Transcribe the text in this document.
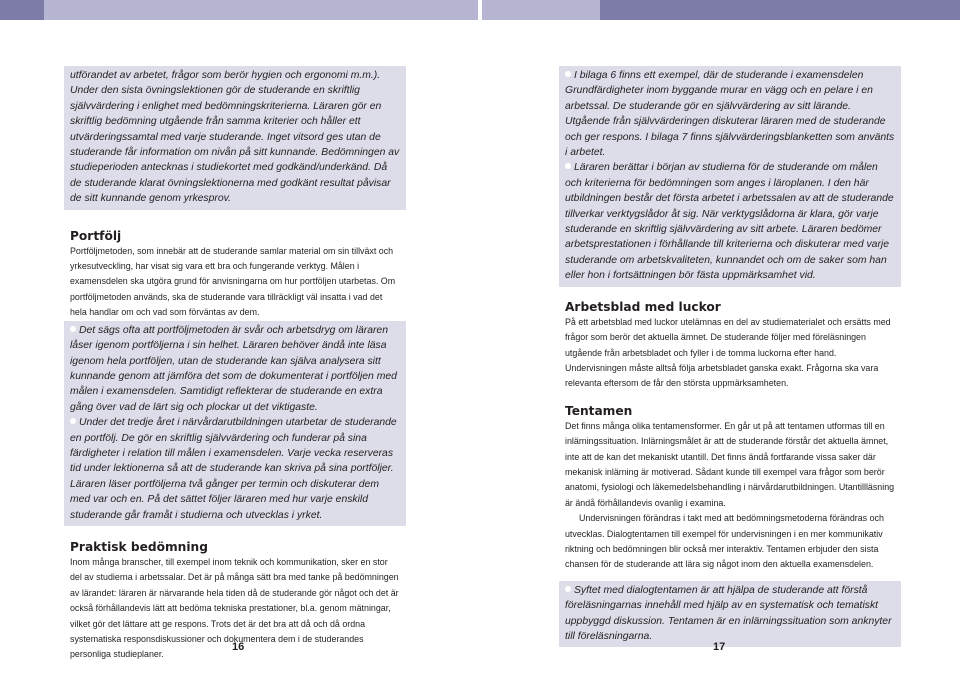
utförandet av arbetet, frågor som berör hygien och ergonomi m.m.). Under den sista övningslektionen gör de studerande en skriftlig självvärdering i enlighet med bedömningskriterierna. Läraren gör en skriftlig bedömning utgående från samma kriterier och håller ett utvärderingssamtal med varje studerande. Inget vitsord ges utan de studerande får information om nivån på sitt kunnande. Bedömningen av studieperioden antecknas i studiekortet med godkänd/underkänd. Då de studerande klarat övningslektionerna med godkänt resultat påvisar de sitt kunnande genom yrkesprov.

Portfölj

Portföljmetoden, som innebär att de studerande samlar material om sin tillväxt och yrkesutveckling, har visat sig vara ett bra och fungerande verktyg. Målen i examensdelen ska utgöra grund för anvisningarna om hur portföljen utarbetas. Om portföljmetoden används, ska de studerande vara tillräckligt väl insatta i vad det hela handlar om och vad som förväntas av dem.

Det sägs ofta att portföljmetoden är svår och arbetsdryg om läraren låser igenom portföljerna i sin helhet. Läraren behöver ändå inte läsa igenom hela portföljen, utan de studerande kan själva analysera sitt kunnande genom att jämföra det som de dokumenterat i portföljen med målen i examensdelen. Samtidigt reflekterar de studerande en extra gång över vad de lärt sig och plockar ut det viktigaste.

Under det tredje året i närvårdarutbildningen utarbetar de studerande en portfölj. De gör en skriftlig självvärdering och funderar på sina färdigheter i relation till målen i examensdelen. Varje vecka reserveras tid under lektionerna så att de studerande kan skriva på sina portföljer. Läraren läser portföljerna två gånger per termin och diskuterar dem med var och en. På det sättet följer läraren med hur varje enskild studerande går framåt i studierna och utvecklas i yrket.

Praktisk bedömning

Inom många branscher, till exempel inom teknik och kommunikation, sker en stor del av studierna i arbetssalar. Det är på många sätt bra med tanke på bedömningen av lärandet: läraren är närvarande hela tiden då de studerande gör något och det är också förhållandevis lätt att bedöma tekniska prestationer, bl.a. genom mätningar, vilket gör det lättare att ge respons. Trots det är det bra att då och då ordna systematiska responsdiskussioner och dokumentera dem i de studerandes personliga studieplaner.

I bilaga 6 finns ett exempel, där de studerande i examensdelen Grundfärdigheter inom byggande murar en vägg och en pelare i en arbetssal. De studerande gör en självvärdering av sitt lärande. Utgående från självvärderingen diskuterar läraren med de studerande och ger respons. I bilaga 7 finns självvärderingsblanketten som använts i arbetet.

Läraren berättar i början av studierna för de studerande om målen och kriterierna för bedömningen som anges i läroplanen. I den här utbildningen består det första arbetet i arbetssalen av att de studerande tillverkar verktygslådor åt sig. När verktygslådorna är klara, gör varje studerande en skriftlig självvärdering av sitt arbete. Läraren bedömer arbetsprestationen i förhållande till kriterierna och diskuterar med varje studerande om arbetskvaliteten, kunnandet och om de saker som han eller hon i fortsättningen bör fästa uppmärksamhet vid.

Arbetsblad med luckor

På ett arbetsblad med luckor utelämnas en del av studiematerialet och ersätts med frågor som berör det aktuella ämnet. De studerande följer med föreläsningen utgående från arbetsbladet och fyller i de tomma luckorna efter hand. Undervisningen måste alltså följa arbetsbladet ganska exakt. Frågorna ska vara relevanta eftersom de får den största uppmärksamheten.

Tentamen

Det finns många olika tentamensformer. En går ut på att tentamen utformas till en inlärningssituation. Inlärningsmålet är att de studerande förstår det aktuella ämnet, inte att de kan det mekaniskt utantill. Det finns ändå fortfarande vissa saker där mekanisk inlärning är motiverad. Sådant kunde till exempel vara frågor som berör anatomi, fysiologi och läkemedelsbehandling i närvårdarutbildningen. Utantillläsning är ändå förhållandevis ovanlig i examina.

Undervisningen förändras i takt med att bedömningsmetoderna förändras och utvecklas. Dialogtentamen till exempel för undervisningen i en mer kommunikativ riktning och bedömningen blir också mer interaktiv. Tentamen erbjuder den sista chansen för de studerande att lära sig något inom den aktuella examensdelen.

Syftet med dialogtentamen är att hjälpa de studerande att förstå föreläsningarnas innehåll med hjälp av en systematisk och tematiskt uppbyggd diskussion. Tentamen är en inlärningssituation som anknyter till föreläsningarna.

16	17
